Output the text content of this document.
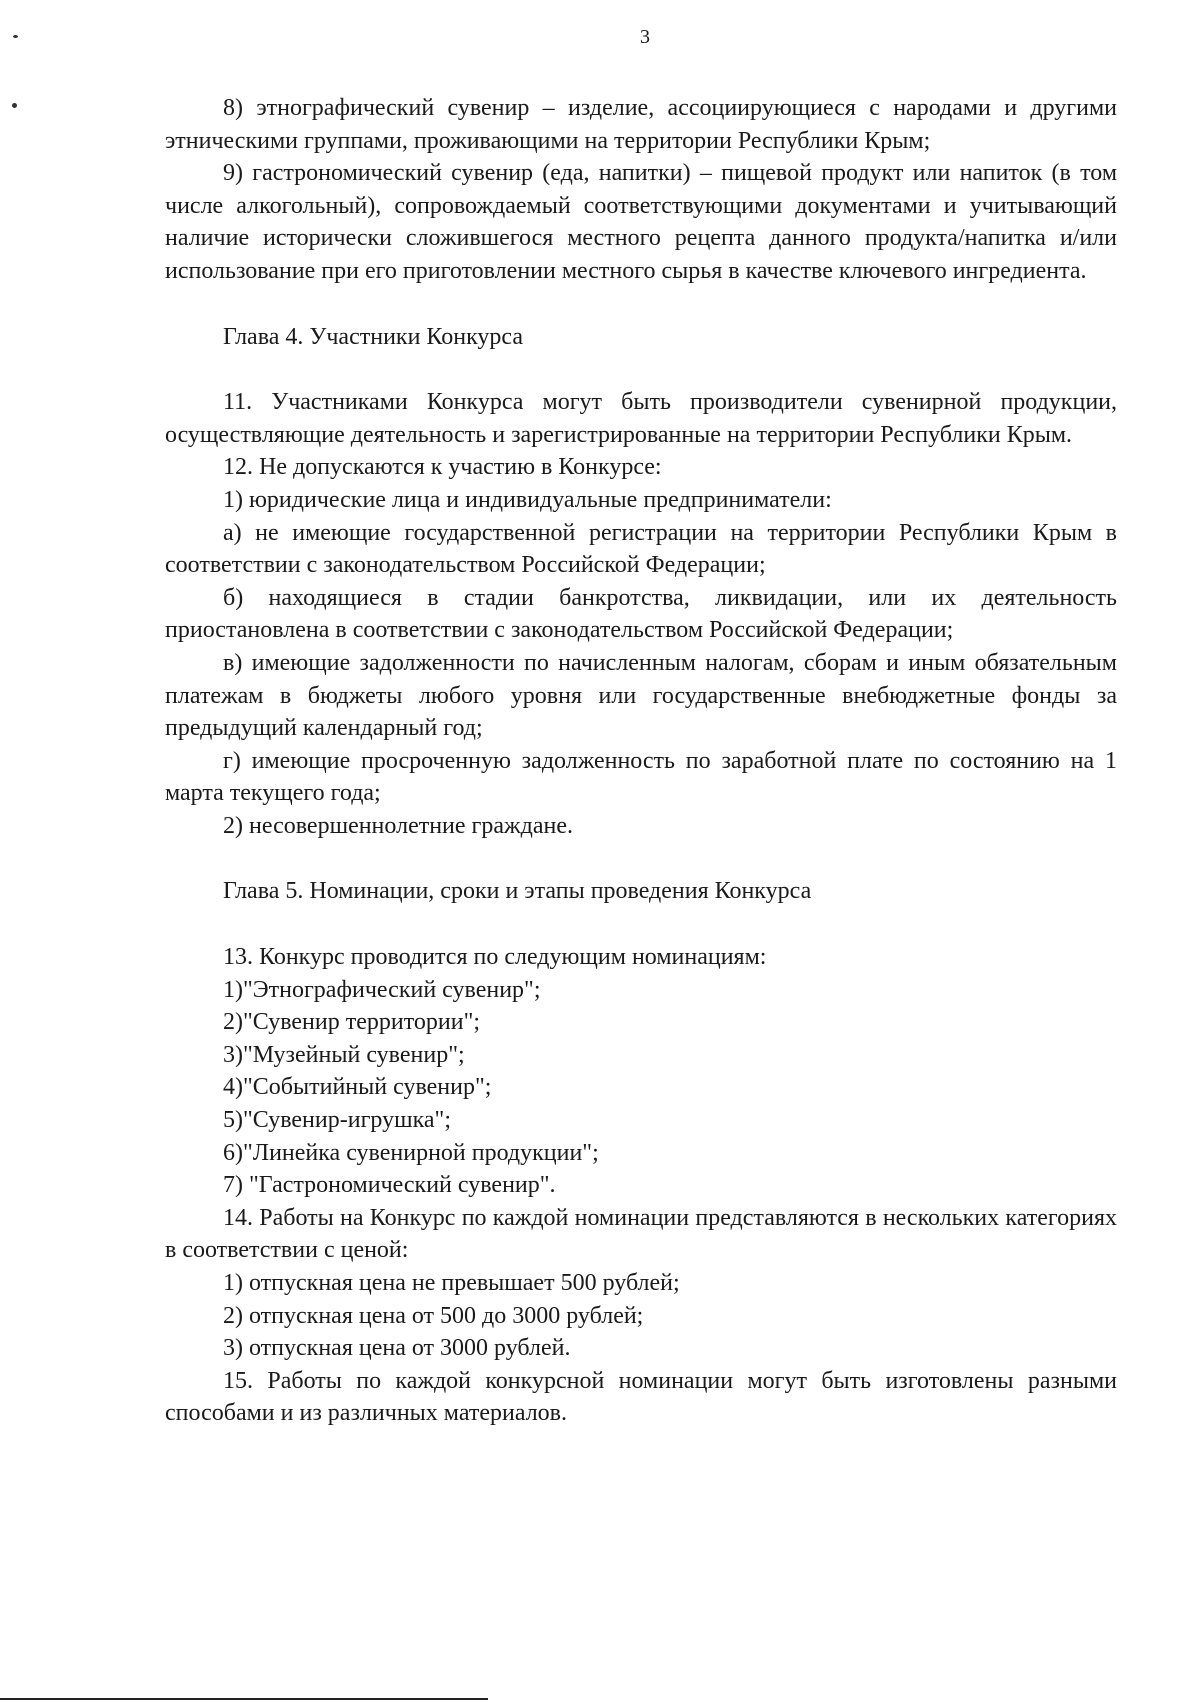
3

8) этнографический сувенир – изделие, ассоциирующиеся с народами и другими этническими группами, проживающими на территории Республики Крым;

9) гастрономический сувенир (еда, напитки) – пищевой продукт или напиток (в том числе алкогольный), сопровождаемый соответствующими документами и учитывающий наличие исторически сложившегося местного рецепта данного продукта/напитка и/или использование при его приготовлении местного сырья в качестве ключевого ингредиента.

Глава 4. Участники Конкурса

11. Участниками Конкурса могут быть производители сувенирной продукции, осуществляющие деятельность и зарегистрированные на территории Республики Крым.

12. Не допускаются к участию в Конкурсе:

1) юридические лица и индивидуальные предприниматели:

а) не имеющие государственной регистрации на территории Республики Крым в соответствии с законодательством Российской Федерации;

б) находящиеся в стадии банкротства, ликвидации, или их деятельность приостановлена в соответствии с законодательством Российской Федерации;

в) имеющие задолженности по начисленным налогам, сборам и иным обязательным платежам в бюджеты любого уровня или государственные внебюджетные фонды за предыдущий календарный год;

г) имеющие просроченную задолженность по заработной плате по состоянию на 1 марта текущего года;

2) несовершеннолетние граждане.

Глава 5. Номинации, сроки и этапы проведения Конкурса

13. Конкурс проводится по следующим номинациям:

1)"Этнографический сувенир";

2)"Сувенир территории";

3)"Музейный сувенир";

4)"Событийный сувенир";

5)"Сувенир-игрушка";

6)"Линейка сувенирной продукции";

7) "Гастрономический сувенир".

14. Работы на Конкурс по каждой номинации представляются в нескольких категориях в соответствии с ценой:

1) отпускная цена не превышает 500 рублей;

2) отпускная цена от 500 до 3000 рублей;

3) отпускная цена от 3000 рублей.

15. Работы по каждой конкурсной номинации могут быть изготовлены разными способами и из различных материалов.
